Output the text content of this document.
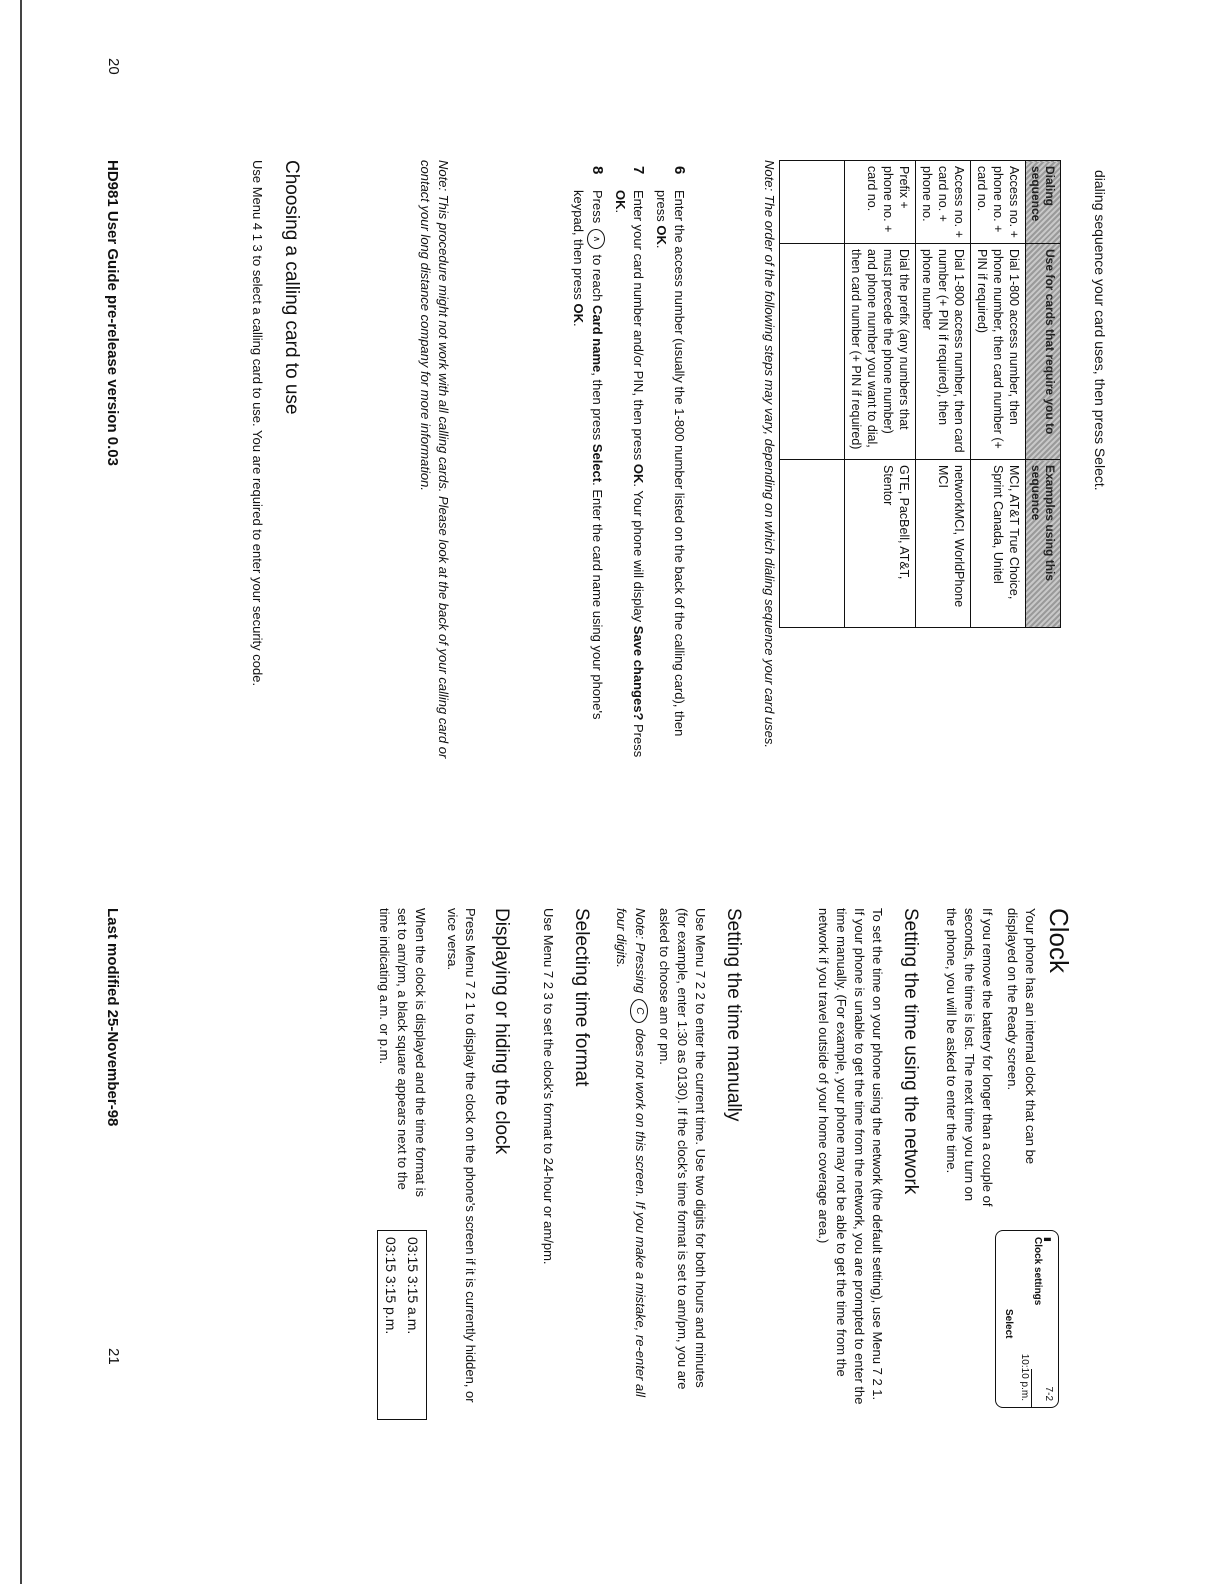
dialing sequence your card uses, then press Select.
Dialing sequence	Use for cards that require you to	Examples using this sequence
Access no. + phone no. + card no.	Dial 1-800 access number, then phone number, then card number (+ PIN if required)	MCI, AT&T True Choice, Sprint Canada, Unitel
Access no. + card no. + phone no.	Dial 1-800 access number, then card number (+ PIN if required), then phone number	networkMCI, WorldPhone MCI
Prefix + phone no. + card no.	Dial the prefix (any numbers that must precede the phone number) and phone number you want to dial, then card number (+ PIN if required)	GTE, PacBell, AT&T, Stentor

Note: The order of the following steps may vary, depending on which dialing sequence your card uses.
6
Enter the access number (usually the 1-800 number listed on the back of the calling card), then press OK.
7
Enter your card number and/or PIN, then press OK. Your phone will display Save changes? Press OK.
8
Press ∧ to reach Card name, then press Select. Enter the card name using your phone's keypad, then press OK.
Note: This procedure might not work with all calling cards. Please look at the back of your calling card or contact your long distance company for more information.
Choosing a calling card to use
Use Menu 4 1 3 to select a calling card to use. You are required to enter your security code.
20
HD981 User Guide pre-release version 0.03
Clock

Your phone has an internal clock that can be displayed on the Ready screen.

If you remove the battery for longer than a couple of seconds, the time is lost. The next time you turn on the phone, you will be asked to enter the time.

▮
Clock settings
7-2
10:10 p.m.
Select
Setting the time using the network
To set the time on your phone using the network (the default setting), use Menu 7 2 1. If your phone is unable to get the time from the network, you are prompted to enter the time manually. (For example, your phone may not be able to get the time from the network if you travel outside of your home coverage area.)
Setting the time manually

Use Menu 7 2 2 to enter the current time. Use two digits for both hours and minutes (for example, enter 1:30 as 0130). If the clock's time format is set to am/pm, you are asked to choose am or pm.

Note: Pressing C does not work on this screen. If you make a mistake, re-enter all four digits.

Selecting time format
Use Menu 7 2 3 to set the clock's format to 24-hour or am/pm.
Displaying or hiding the clock
Press Menu 7 2 1 to display the clock on the phone's screen if it is currently hidden, or vice versa.
When the clock is displayed and the time format is set to am/pm, a black square appears next to the time indicating a.m. or p.m.
03:15 3:15 a.m.
03:15 3:15 p.m.
Last modified 25-November-98
21
